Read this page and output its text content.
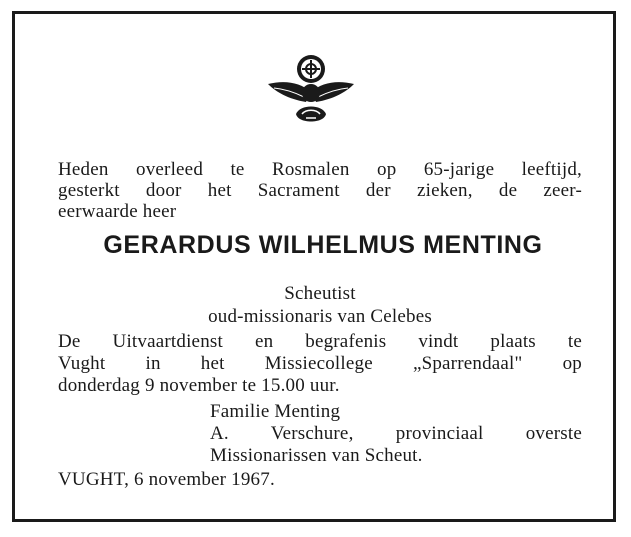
Heden overleed te Rosmalen op 65-jarige leeftijd,
gesterkt door het Sacrament der zieken, de zeer-
eerwaarde heer
GERARDUS WILHELMUS MENTING
Scheutist
oud-missionaris van Celebes
De Uitvaartdienst en begrafenis vindt plaats te
Vught in het Missiecollege „Sparrendaal" op
donderdag 9 november te 15.00 uur.
Familie Menting
A. Verschure, provinciaal overste
Missionarissen van Scheut.
VUGHT, 6 november 1967.
